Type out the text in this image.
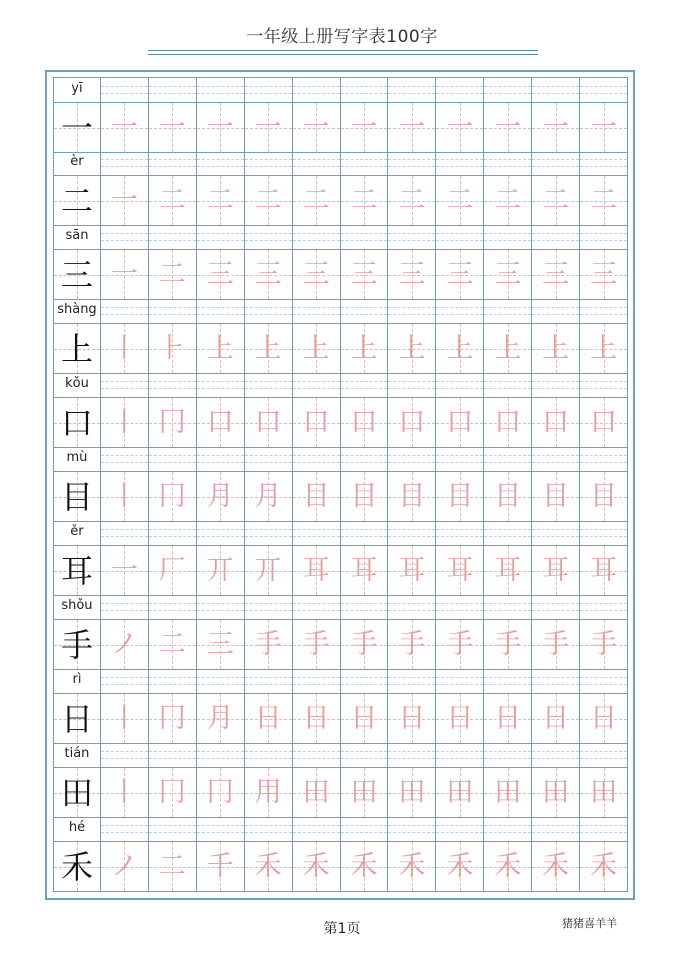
一年级上册写字表100字
yī
一 一 一 一 一 一 一 一 一 一 一 一
èr
二 一 二 二 二 二 二 二 二 二 二 二
sān
三 一 二 三 三 三 三 三 三 三 三 三
shàng
上 丨 ⺊ 上 上 上 上 上 上 上 上 上
kǒu
口 丨 冂 口 口 口 口 口 口 口 口 口
mù
目 丨 冂 月 月 目 目 目 目 目 目 目
ěr
耳 一 厂 丌 丌 耳 耳 耳 耳 耳 耳 耳
shǒu
手 ノ 二 三 手 手 手 手 手 手 手 手
rì
日 丨 冂 月 日 日 日 日 日 日 日 日
tián
田 丨 冂 冂 用 田 田 田 田 田 田 田
hé
禾 ノ 二 千 禾 禾 禾 禾 禾 禾 禾 禾
第1页	猪猪喜羊羊
